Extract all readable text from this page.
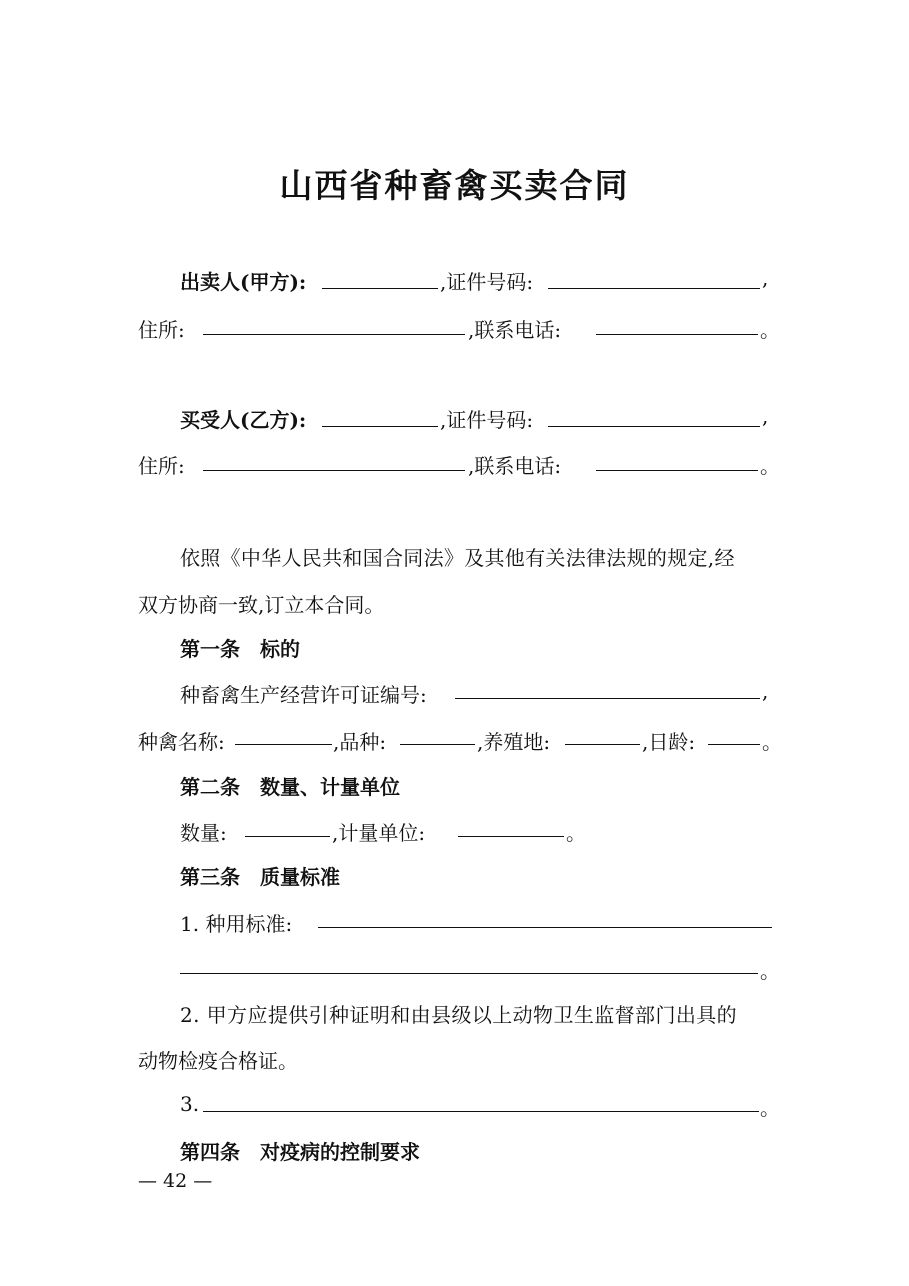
山西省种畜禽买卖合同
出卖人(甲方):	,证件号码:	,
住所:	,联系电话:	。
买受人(乙方):	,证件号码:	,
住所:	,联系电话:	。
依照《中华人民共和国合同法》及其他有关法律法规的规定,经
双方协商一致,订立本合同。
第一条　标的
种畜禽生产经营许可证编号:	,
种禽名称:	,品种:	,养殖地:	,日龄:	。
第二条　数量、计量单位
数量:	,计量单位:	。
第三条　质量标准
1. 种用标准:
。
2. 甲方应提供引种证明和由县级以上动物卫生监督部门出具的
动物检疫合格证。
3.	。
第四条　对疫病的控制要求
— 42 —
